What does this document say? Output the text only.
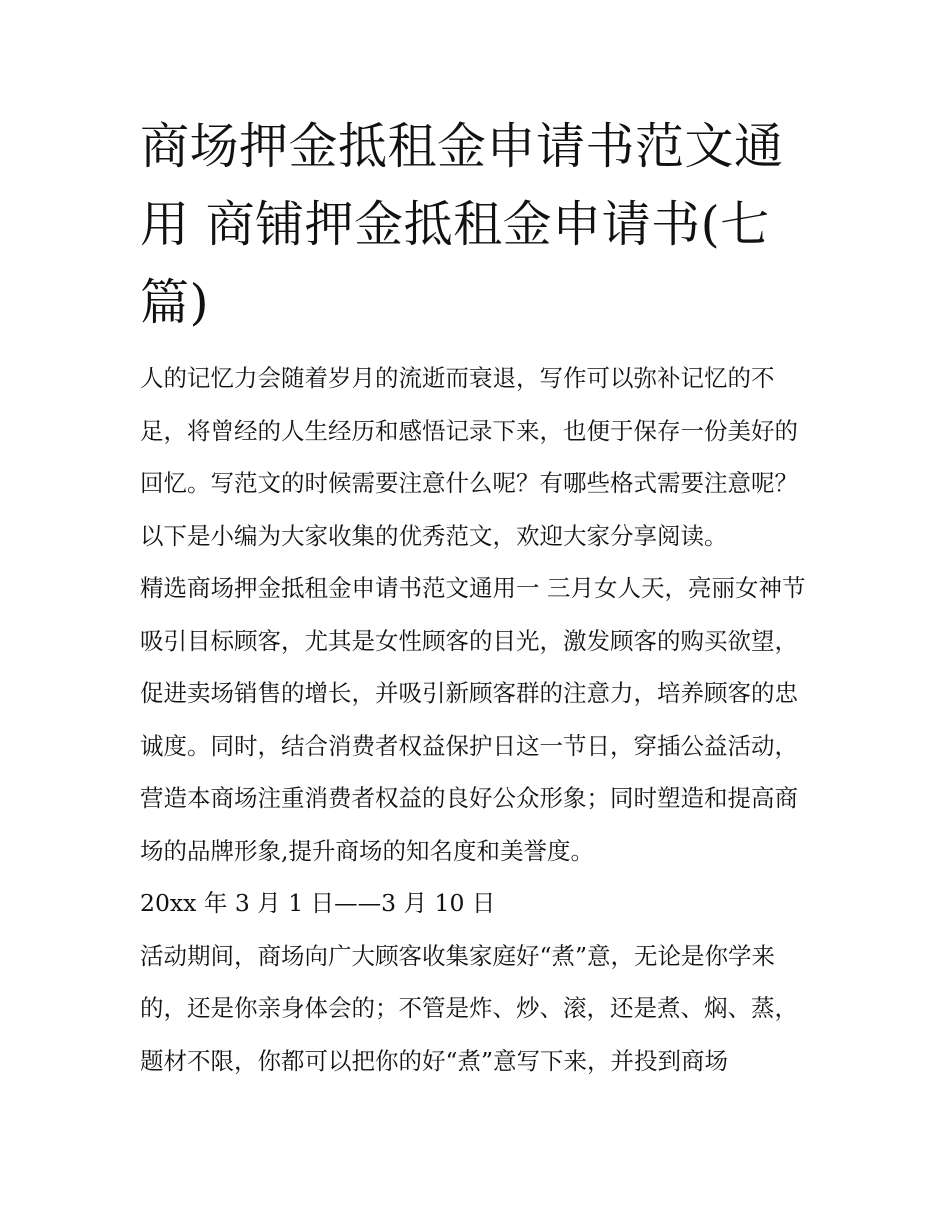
商场押金抵租金申请书范文通用 商铺押金抵租金申请书(七篇)

人的记忆力会随着岁月的流逝而衰退，写作可以弥补记忆的不足，将曾经的人生经历和感悟记录下来，也便于保存一份美好的回忆。写范文的时候需要注意什么呢？有哪些格式需要注意呢？以下是小编为大家收集的优秀范文，欢迎大家分享阅读。

精选商场押金抵租金申请书范文通用一 三月女人天，亮丽女神节

吸引目标顾客，尤其是女性顾客的目光，激发顾客的购买欲望，促进卖场销售的增长，并吸引新顾客群的注意力，培养顾客的忠诚度。同时，结合消费者权益保护日这一节日，穿插公益活动，营造本商场注重消费者权益的良好公众形象；同时塑造和提高商场的品牌形象,提升商场的知名度和美誉度。

20xx 年 3 月 1 日——3 月 10 日

活动期间，商场向广大顾客收集家庭好“煮”意，无论是你学来的，还是你亲身体会的；不管是炸、炒、滚，还是煮、焖、蒸，题材不限，你都可以把你的好“煮”意写下来，并投到商场
